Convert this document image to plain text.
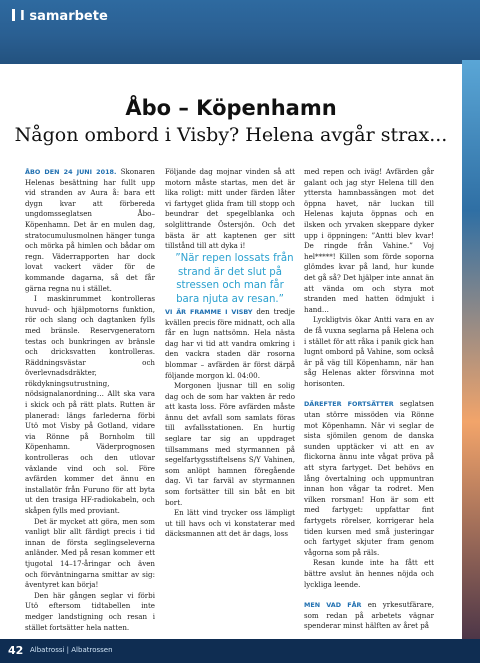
I samarbete
Åbo – Köpenhamn
Någon ombord i Visby? Helena avgår strax...

ÅBO DEN 24 JUNI 2018. Skonaren Helenas besättning har fullt upp vid stranden av Aura å: bara ett dygn kvar att förbereda ungdomsseglatsen Åbo–Köpenhamn. Det är en mulen dag, stratocumulusmolnen hänger tunga och mörka på himlen och bådar om regn. Väderrapporten har dock lovat vackert väder för de kommande dagarna, så det får gärna regna nu i stället.

I maskinrummet kontrolleras huvud- och hjälpmotorns funktion, rör och slang och dagtanken fylls med bränsle. Reservgeneratorn testas och bunkringen av bränsle och dricksvatten kontrolleras. Räddningsvästar och överlevnadsdräkter, rökdykningsutrustning, nödsignalanordning… Allt ska vara i skick och på rätt plats. Rutten är planerad: längs farlederna förbi Utö mot Visby på Gotland, vidare via Rönne på Bornholm till Köpenhamn. Väderprognosen kontrolleras och den utlovar växlande vind och sol. Före avfärden kommer det ännu en installatör från Furuno för att byta ut den trasiga HF-radiokabeln, och skåpen fylls med proviant.

Det är mycket att göra, men som vanligt blir allt färdigt precis i tid innan de första seglingseleverna anländer. Med på resan kommer ett tjugotal 14–17-åringar och även och förväntningarna smittar av sig: äventyret kan börja!

Den här gången seglar vi förbi Utö eftersom tidtabellen inte medger landstigning och resan i stället fortsätter hela natten.

Följande dag mojnar vinden så att motorn måste startas, men det är lika roligt: mitt under färden låter vi fartyget glida fram till stopp och beundrar det spegelblanka och solglittrande Östersjön. Och det bästa är att kaptenen ger sitt tillstånd till att dyka i!

”När repen lossats från strand är det slut på stressen och man får bara njuta av resan.”

VI ÄR FRAMME I VISBY den tredje kvällen precis före midnatt, och alla får en lugn nattsömn. Hela nästa dag har vi tid att vandra omkring i den vackra staden där rosorna blommar – avfärden är först därpå följande morgon kl. 04:00.

Morgonen ljusnar till en solig dag och de som har vakten är redo att kasta loss. Före avfärden måste ännu det avfall som samlats föras till avfallsstationen. En hurtig seglare tar sig an uppdraget tillsammans med styrmannen på segelfartygsstiftelsens S/Y Vahinen, som anlöpt hamnen föregående dag. Vi tar farväl av styrmannen som fortsätter till sin båt en bit bort.

En lätt vind trycker oss lämpligt ut till havs och vi konstaterar med däcksmannen att det är dags, loss

med repen och iväg! Avfärden går galant och jag styr Helena till den yttersta hamnbassängen mot det öppna havet, när luckan till Helenas kajuta öppnas och en ilsken och yrvaken skeppare dyker upp i öppningen: ”Antti blev kvar! De ringde från Vahine.” Voj hel*****! Killen som förde soporna glömdes kvar på land, hur kunde det gå så? Det hjälper inte annat än att vända om och styra mot stranden med hatten ödmjukt i hand…

Lyckligtvis ökar Antti vara en av de få vuxna seglarna på Helena och i stället för att råka i panik gick han lugnt ombord på Vahine, som också är på väg till Köpenhamn, när han såg Helenas akter försvinna mot horisonten.

DÄREFTER FORTSÄTTER seglatsen utan större missöden via Rönne mot Köpenhamn. När vi seglar de sista sjömilen genom de danska sunden upptäcker vi att en av flickorna ännu inte vågat pröva på att styra fartyget. Det behövs en lång övertalning och uppmuntran innan hon vågar ta rodret. Men vilken rorsman! Hon är som ett med fartyget: uppfattar fint fartygets rörelser, korrigerar hela tiden kursen med små justeringar och fartyget skjuter fram genom vågorna som på räls.

Resan kunde inte ha fått ett bättre avslut än hennes nöjda och lyckliga leende.

MEN VAD FÅR en yrkesutfärare, som redan på arbetets vägnar spenderar minst hälften av året på

42 Albatrossi | Albatrossen
